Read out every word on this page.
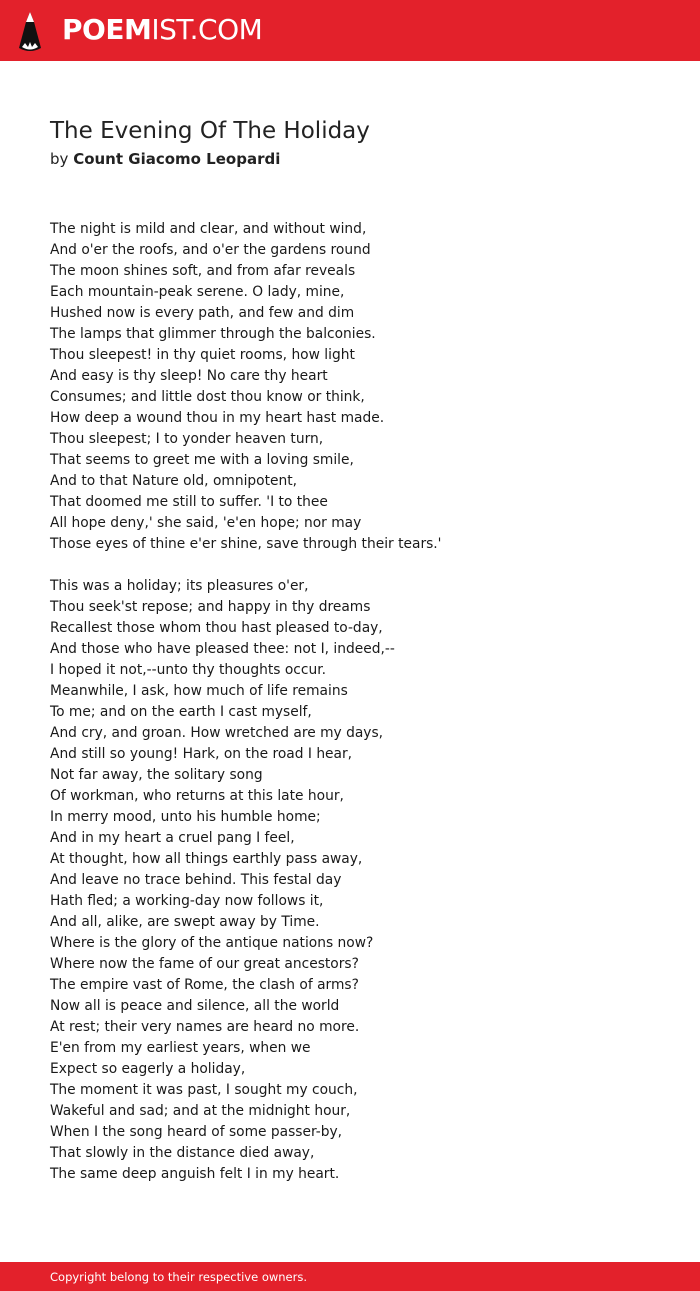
POEMIST.COM
The Evening Of The Holiday
by Count Giacomo Leopardi
The night is mild and clear, and without wind,
And o'er the roofs, and o'er the gardens round
The moon shines soft, and from afar reveals
Each mountain-peak serene. O lady, mine,
Hushed now is every path, and few and dim
The lamps that glimmer through the balconies.
Thou sleepest! in thy quiet rooms, how light
And easy is thy sleep! No care thy heart
Consumes; and little dost thou know or think,
How deep a wound thou in my heart hast made.
Thou sleepest; I to yonder heaven turn,
That seems to greet me with a loving smile,
And to that Nature old, omnipotent,
That doomed me still to suffer. 'I to thee
All hope deny,' she said, 'e'en hope; nor may
Those eyes of thine e'er shine, save through their tears.'
This was a holiday; its pleasures o'er,
Thou seek'st repose; and happy in thy dreams
Recallest those whom thou hast pleased to-day,
And those who have pleased thee: not I, indeed,--
I hoped it not,--unto thy thoughts occur.
Meanwhile, I ask, how much of life remains
To me; and on the earth I cast myself,
And cry, and groan. How wretched are my days,
And still so young! Hark, on the road I hear,
Not far away, the solitary song
Of workman, who returns at this late hour,
In merry mood, unto his humble home;
And in my heart a cruel pang I feel,
At thought, how all things earthly pass away,
And leave no trace behind. This festal day
Hath fled; a working-day now follows it,
And all, alike, are swept away by Time.
Where is the glory of the antique nations now?
Where now the fame of our great ancestors?
The empire vast of Rome, the clash of arms?
Now all is peace and silence, all the world
At rest; their very names are heard no more.
E'en from my earliest years, when we
Expect so eagerly a holiday,
The moment it was past, I sought my couch,
Wakeful and sad; and at the midnight hour,
When I the song heard of some passer-by,
That slowly in the distance died away,
The same deep anguish felt I in my heart.
Copyright belong to their respective owners.
